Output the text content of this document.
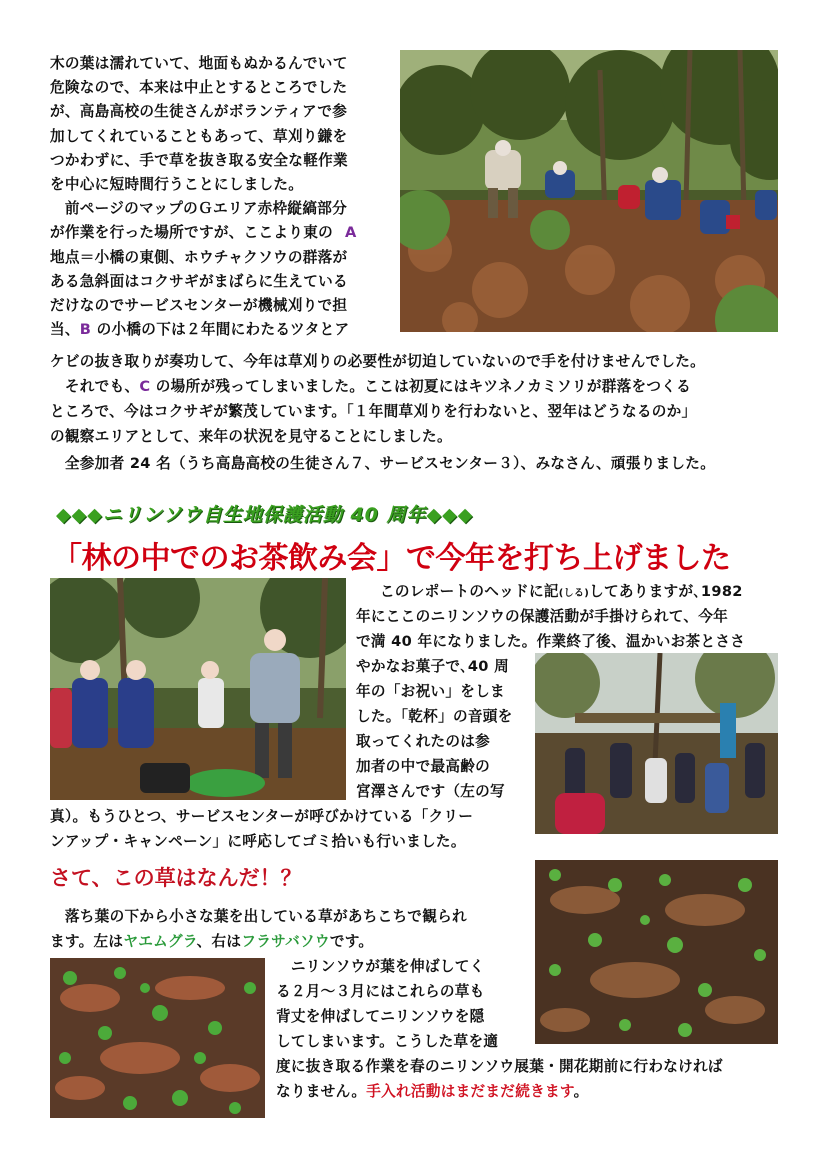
木の葉は濡れていて、地面もぬかるんでいて
危険なので、本来は中止とするところでした
が、高島高校の生徒さんがボランティアで参
加してくれていることもあって、草刈り鎌を
つかわずに、手で草を抜き取る安全な軽作業
を中心に短時間行うことにしました。
　前ページのマップのＧエリア赤枠縦縞部分
が作業を行った場所ですが、ここより東の A
地点＝小橋の東側、ホウチャクソウの群落が
ある急斜面はコクサギがまばらに生えている
だけなのでサービスセンターが機械刈りで担
当、B の小橋の下は２年間にわたるツタとア
ケビの抜き取りが奏功して、今年は草刈りの必要性が切迫していないので手を付けませんでした。
　それでも、C の場所が残ってしまいました。ここは初夏にはキツネノカミソリが群落をつくる
ところで、今はコクサギが繁茂しています。「１年間草刈りを行わないと、翌年はどうなるのか」
の観察エリアとして、来年の状況を見守ることにしました。
　全参加者 24 名（うち高島高校の生徒さん７、サービスセンター３）、みなさん、頑張りました。
◆◆◆ニリンソウ自生地保護活動 40 周年◆◆◆
「林の中でのお茶飲み会」で今年を打ち上げました
このレポートのヘッドに記(しる)してありますが､1982
年にここのニリンソウの保護活動が手掛けられて、今年
で満 40 年になりました。作業終了後、温かいお茶とささ
やかなお菓子で､40 周
年の「お祝い」をしま
した。「乾杯」の音頭を
取ってくれたのは参
加者の中で最高齢の
宮澤さんです（左の写
真）。もうひとつ、サービスセンターが呼びかけている「クリー
ンアップ・キャンペーン」に呼応してゴミ拾いも行いました。
さて、この草はなんだ！？
　落ち葉の下から小さな葉を出している草があちこちで観られ
ます。左はヤエムグラ、右はフラサバソウです。
　ニリンソウが葉を伸ばしてく
る２月～３月にはこれらの草も
背丈を伸ばしてニリンソウを隠
してしまいます。こうした草を適
度に抜き取る作業を春のニリンソウ展葉・開花期前に行わなければ
なりません。手入れ活動はまだまだ続きます。
